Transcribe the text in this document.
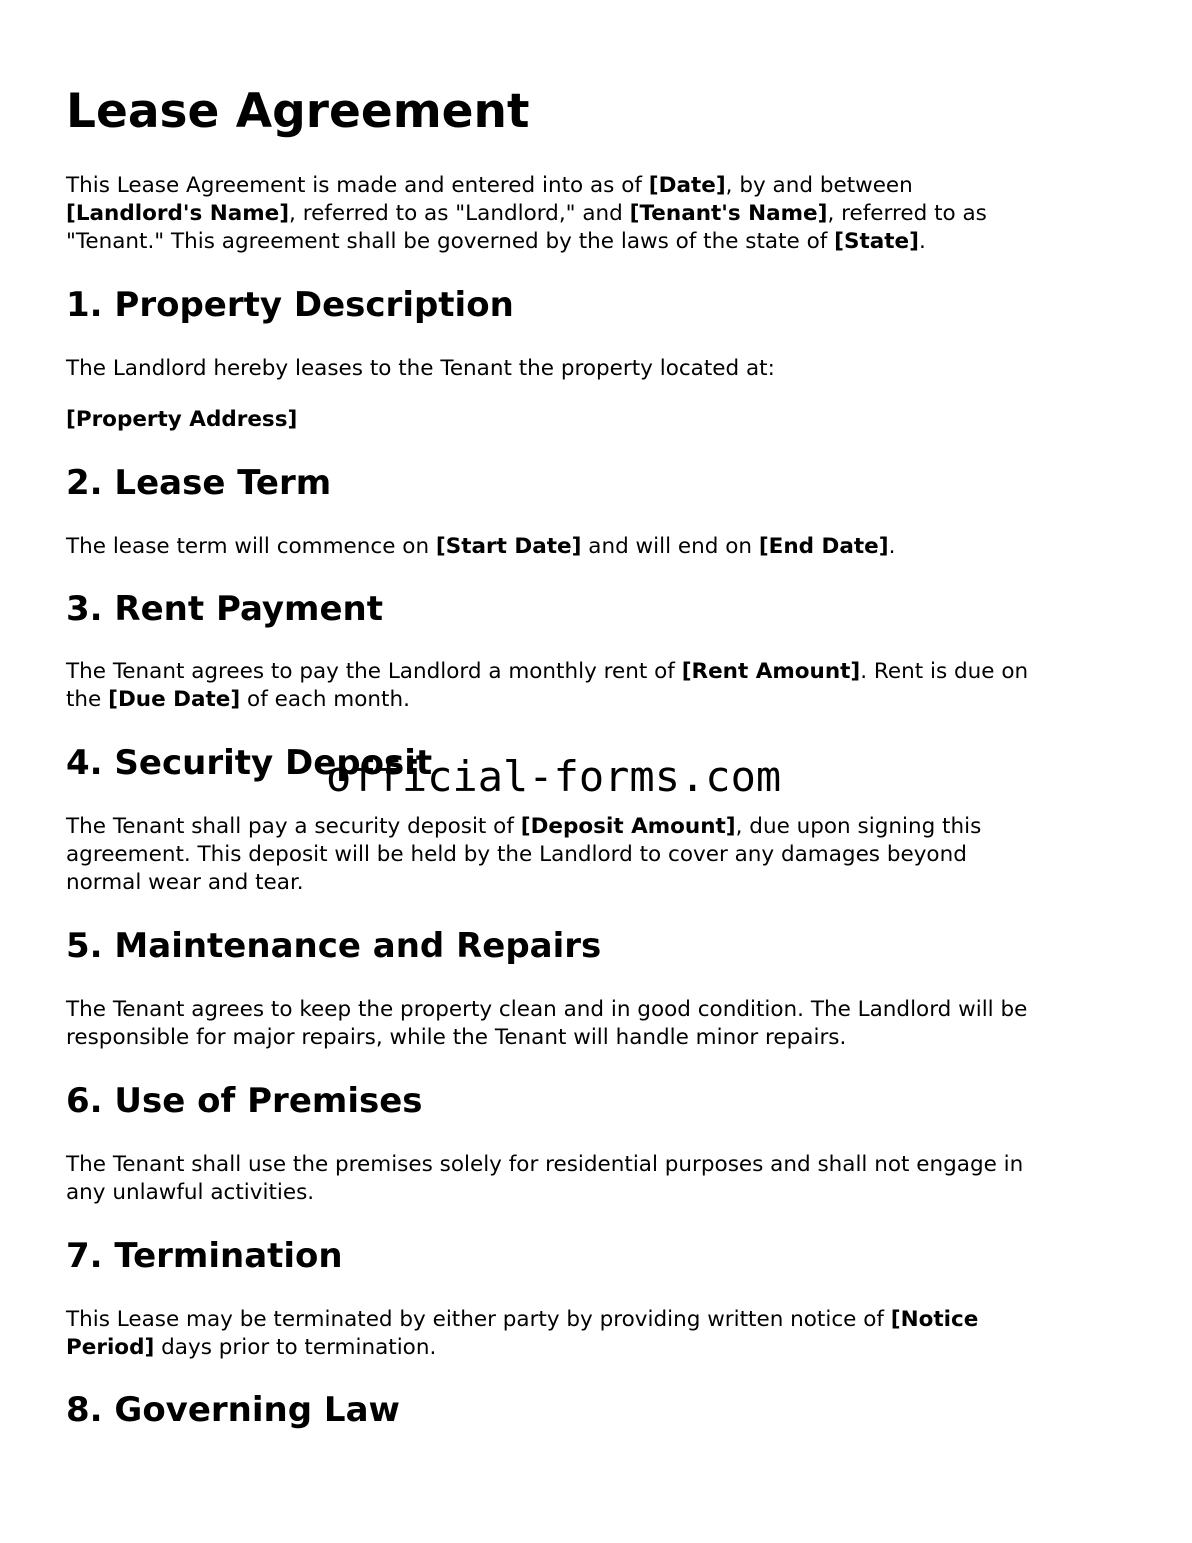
Lease Agreement

This Lease Agreement is made and entered into as of [Date], by and between
[Landlord's Name], referred to as "Landlord," and [Tenant's Name], referred to as
"Tenant." This agreement shall be governed by the laws of the state of [State].

1. Property Description

The Landlord hereby leases to the Tenant the property located at:

[Property Address]

2. Lease Term

The lease term will commence on [Start Date] and will end on [End Date].

3. Rent Payment

The Tenant agrees to pay the Landlord a monthly rent of [Rent Amount]. Rent is due on
the [Due Date] of each month.

4. Security Deposit

The Tenant shall pay a security deposit of [Deposit Amount], due upon signing this
agreement. This deposit will be held by the Landlord to cover any damages beyond
normal wear and tear.

5. Maintenance and Repairs

The Tenant agrees to keep the property clean and in good condition. The Landlord will be
responsible for major repairs, while the Tenant will handle minor repairs.

6. Use of Premises

The Tenant shall use the premises solely for residential purposes and shall not engage in
any unlawful activities.

7. Termination

This Lease may be terminated by either party by providing written notice of [Notice
Period] days prior to termination.

8. Governing Law
official-forms.com
